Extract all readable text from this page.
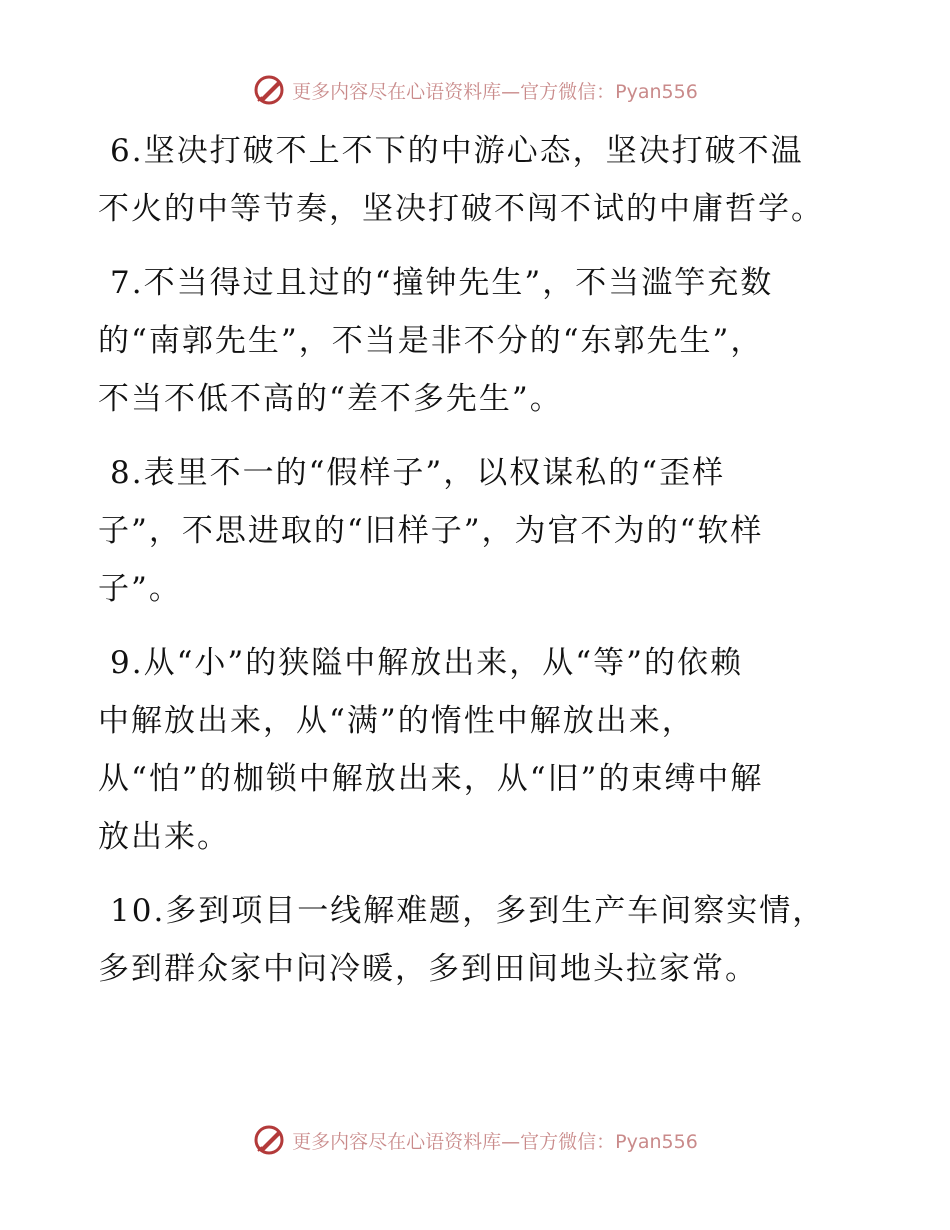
更多内容尽在心语资料库—官方微信：Pyan556
6.坚决打破不上不下的中游心态，坚决打破不温
不火的中等节奏，坚决打破不闯不试的中庸哲学。
7.不当得过且过的“撞钟先生”，不当滥竽充数
的“南郭先生”，不当是非不分的“东郭先生”，
不当不低不高的“差不多先生”。
8.表里不一的“假样子”，以权谋私的“歪样
子”，不思进取的“旧样子”，为官不为的“软样
子”。
9.从“小”的狭隘中解放出来，从“等”的依赖
中解放出来，从“满”的惰性中解放出来，
从“怕”的枷锁中解放出来，从“旧”的束缚中解
放出来。
10.多到项目一线解难题，多到生产车间察实情，
多到群众家中问冷暖，多到田间地头拉家常。
更多内容尽在心语资料库—官方微信：Pyan556
